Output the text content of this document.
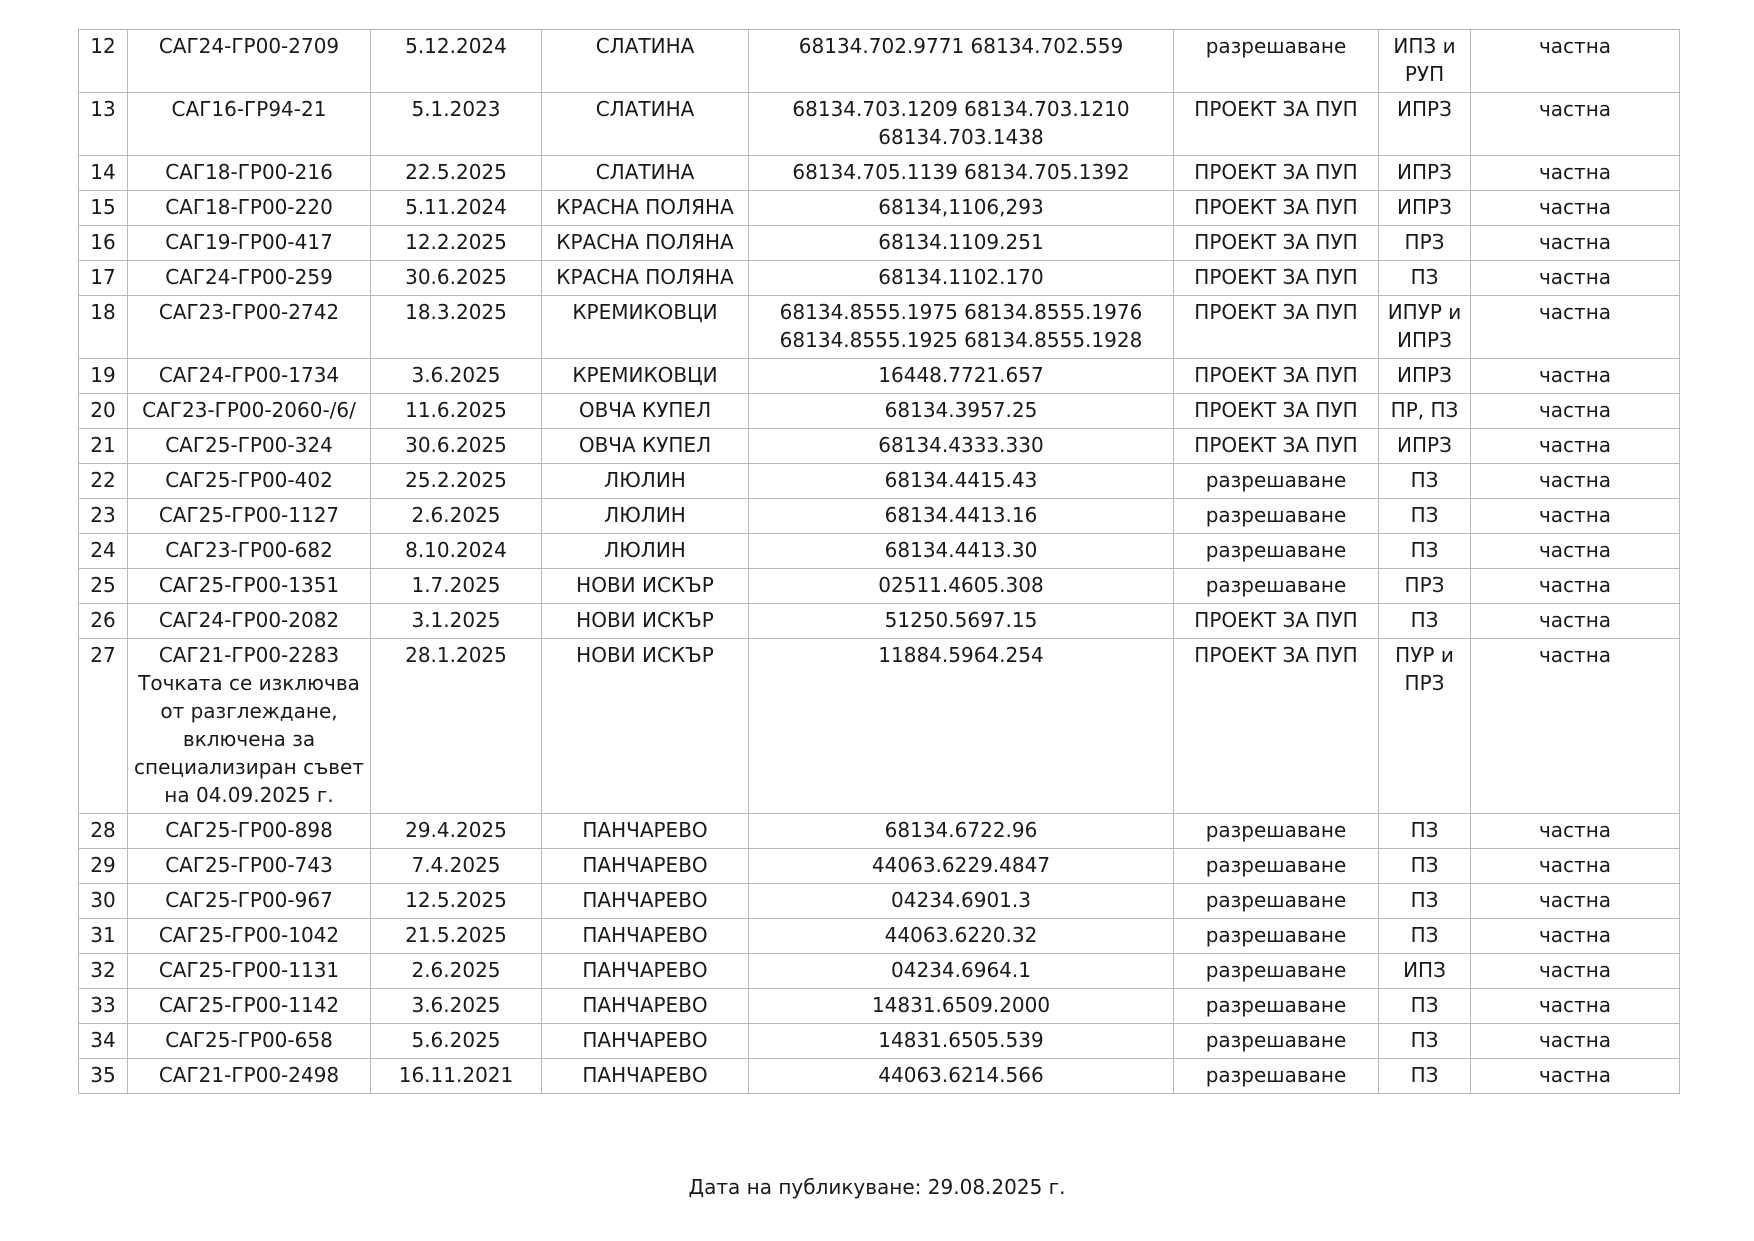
12	САГ24-ГР00-2709	5.12.2024	СЛАТИНА	68134.702.9771 68134.702.559	разрешаване	ИПЗ и РУП	частна
13	САГ16-ГР94-21	5.1.2023	СЛАТИНА	68134.703.1209 68134.703.1210 68134.703.1438	ПРОЕКТ ЗА ПУП	ИПРЗ	частна
14	САГ18-ГР00-216	22.5.2025	СЛАТИНА	68134.705.1139 68134.705.1392	ПРОЕКТ ЗА ПУП	ИПРЗ	частна
15	САГ18-ГР00-220	5.11.2024	КРАСНА ПОЛЯНА	68134,1106,293	ПРОЕКТ ЗА ПУП	ИПРЗ	частна
16	САГ19-ГР00-417	12.2.2025	КРАСНА ПОЛЯНА	68134.1109.251	ПРОЕКТ ЗА ПУП	ПРЗ	частна
17	САГ24-ГР00-259	30.6.2025	КРАСНА ПОЛЯНА	68134.1102.170	ПРОЕКТ ЗА ПУП	ПЗ	частна
18	САГ23-ГР00-2742	18.3.2025	КРЕМИКОВЦИ	68134.8555.1975 68134.8555.1976 68134.8555.1925 68134.8555.1928	ПРОЕКТ ЗА ПУП	ИПУР и ИПРЗ	частна
19	САГ24-ГР00-1734	3.6.2025	КРЕМИКОВЦИ	16448.7721.657	ПРОЕКТ ЗА ПУП	ИПРЗ	частна
20	САГ23-ГР00-2060-/6/	11.6.2025	ОВЧА КУПЕЛ	68134.3957.25	ПРОЕКТ ЗА ПУП	ПР, ПЗ	частна
21	САГ25-ГР00-324	30.6.2025	ОВЧА КУПЕЛ	68134.4333.330	ПРОЕКТ ЗА ПУП	ИПРЗ	частна
22	САГ25-ГР00-402	25.2.2025	ЛЮЛИН	68134.4415.43	разрешаване	ПЗ	частна
23	САГ25-ГР00-1127	2.6.2025	ЛЮЛИН	68134.4413.16	разрешаване	ПЗ	частна
24	САГ23-ГР00-682	8.10.2024	ЛЮЛИН	68134.4413.30	разрешаване	ПЗ	частна
25	САГ25-ГР00-1351	1.7.2025	НОВИ ИСКЪР	02511.4605.308	разрешаване	ПРЗ	частна
26	САГ24-ГР00-2082	3.1.2025	НОВИ ИСКЪР	51250.5697.15	ПРОЕКТ ЗА ПУП	ПЗ	частна
27	САГ21-ГР00-2283 Точката се изключва от разглеждане, включена за специализиран съвет на 04.09.2025 г.	28.1.2025	НОВИ ИСКЪР	11884.5964.254	ПРОЕКТ ЗА ПУП	ПУР и ПРЗ	частна
28	САГ25-ГР00-898	29.4.2025	ПАНЧАРЕВО	68134.6722.96	разрешаване	ПЗ	частна
29	САГ25-ГР00-743	7.4.2025	ПАНЧАРЕВО	44063.6229.4847	разрешаване	ПЗ	частна
30	САГ25-ГР00-967	12.5.2025	ПАНЧАРЕВО	04234.6901.3	разрешаване	ПЗ	частна
31	САГ25-ГР00-1042	21.5.2025	ПАНЧАРЕВО	44063.6220.32	разрешаване	ПЗ	частна
32	САГ25-ГР00-1131	2.6.2025	ПАНЧАРЕВО	04234.6964.1	разрешаване	ИПЗ	частна
33	САГ25-ГР00-1142	3.6.2025	ПАНЧАРЕВО	14831.6509.2000	разрешаване	ПЗ	частна
34	САГ25-ГР00-658	5.6.2025	ПАНЧАРЕВО	14831.6505.539	разрешаване	ПЗ	частна
35	САГ21-ГР00-2498	16.11.2021	ПАНЧАРЕВО	44063.6214.566	разрешаване	ПЗ	частна
Дата на публикуване: 29.08.2025 г.
